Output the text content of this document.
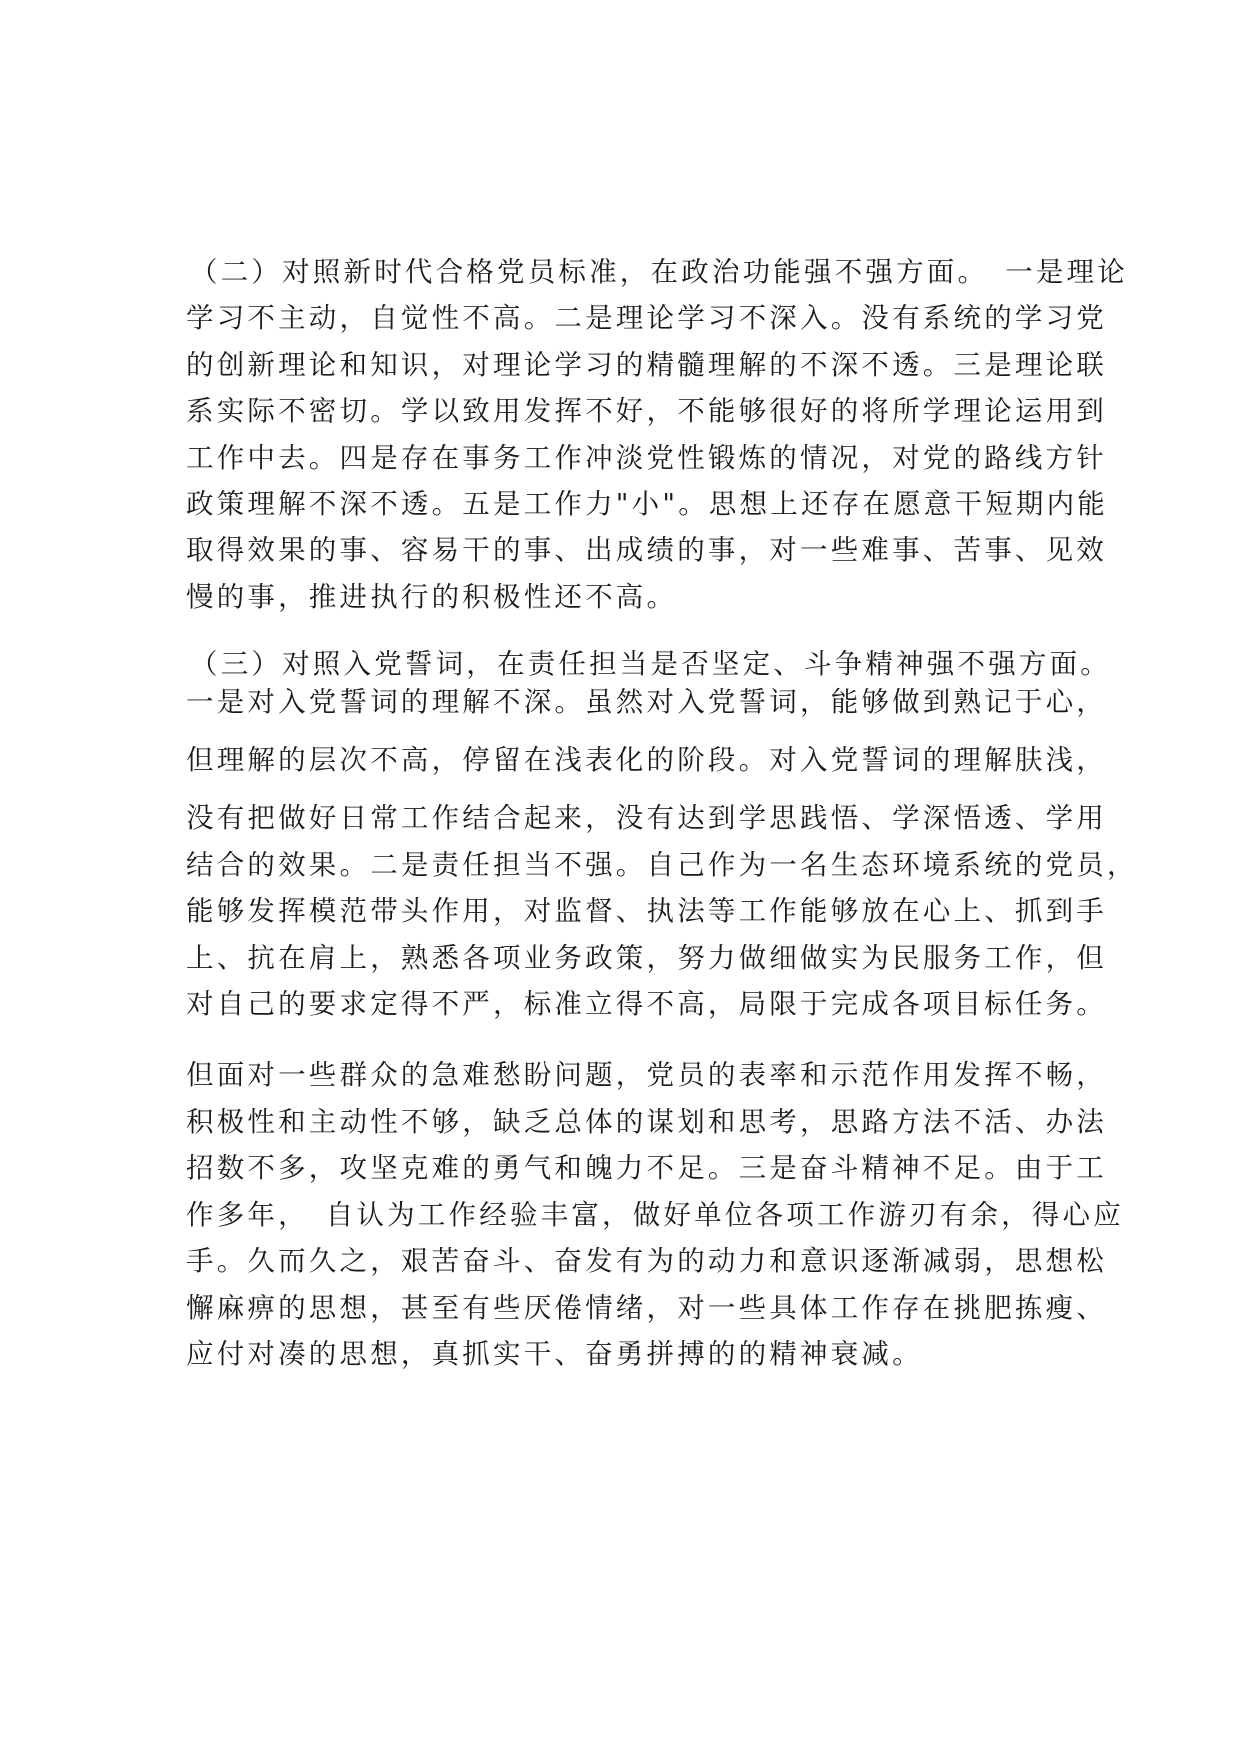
（二）对照新时代合格党员标准，在政治功能强不强方面。　一是理论
学习不主动，自觉性不高。二是理论学习不深入。没有系统的学习党
的创新理论和知识，对理论学习的精髓理解的不深不透。三是理论联
系实际不密切。学以致用发挥不好，不能够很好的将所学理论运用到
工作中去。四是存在事务工作冲淡党性锻炼的情况，对党的路线方针
政策理解不深不透。五是工作力"小"。思想上还存在愿意干短期内能
取得效果的事、容易干的事、出成绩的事，对一些难事、苦事、见效
慢的事，推进执行的积极性还不高。
（三）对照入党誓词，在责任担当是否坚定、斗争精神强不强方面。
一是对入党誓词的理解不深。虽然对入党誓词，能够做到熟记于心，
但理解的层次不高，停留在浅表化的阶段。对入党誓词的理解肤浅，
没有把做好日常工作结合起来，没有达到学思践悟、学深悟透、学用
结合的效果。二是责任担当不强。自己作为一名生态环境系统的党员，
能够发挥模范带头作用，对监督、执法等工作能够放在心上、抓到手
上、抗在肩上，熟悉各项业务政策，努力做细做实为民服务工作，但
对自己的要求定得不严，标准立得不高，局限于完成各项目标任务。
但面对一些群众的急难愁盼问题，党员的表率和示范作用发挥不畅，
积极性和主动性不够，缺乏总体的谋划和思考，思路方法不活、办法
招数不多，攻坚克难的勇气和魄力不足。三是奋斗精神不足。由于工
作多年，　自认为工作经验丰富，做好单位各项工作游刃有余，得心应
手。久而久之，艰苦奋斗、奋发有为的动力和意识逐渐减弱，思想松
懈麻痹的思想，甚至有些厌倦情绪，对一些具体工作存在挑肥拣瘦、
应付对凑的思想，真抓实干、奋勇拼搏的的精神衰减。
